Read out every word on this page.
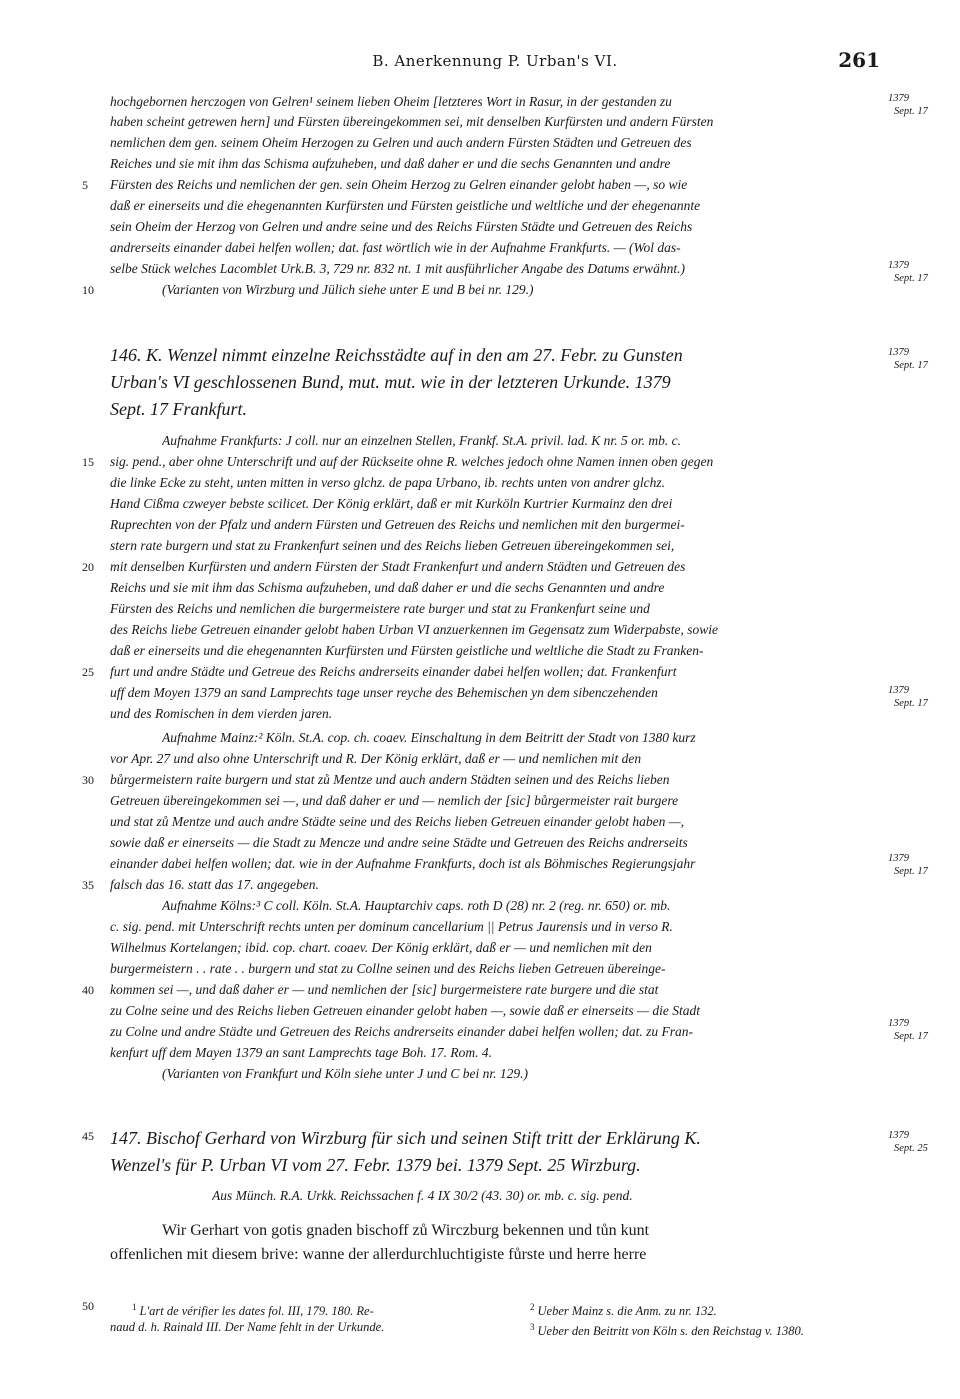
B. Anerkennung P. Urban's VI.	261
hochgebornen herczogen von Gelren¹ seinem lieben Oheim [letzteres Wort in Rasur, in der gestanden zu
haben scheint getrewen hern] und Fürsten übereingekommen sei, mit denselben Kurfürsten und andern Fürsten
nemlichen dem gen. seinem Oheim Herzogen zu Gelren und auch andern Fürsten Städten und Getreuen des
Reiches und sie mit ihm das Schisma aufzuheben, und daß daher er und die sechs Genannten und andre
Fürsten des Reichs und nemlichen der gen. sein Oheim Herzog zu Gelren einander gelobt haben —, so wie
daß er einerseits und die ehegenannten Kurfürsten und Fürsten geistliche und weltliche und der ehegenannte
sein Oheim der Herzog von Gelren und andre seine und des Reichs Fürsten Städte und Getreuen des Reichs
andrerseits einander dabei helfen wollen; dat. fast wörtlich wie in der Aufnahme Frankfurts. — (Wol das-
selbe Stück welches Lacomblet Urk.B. 3, 729 nr. 832 nt. 1 mit ausführlicher Angabe des Datums erwähnt.)
(Varianten von Wirzburg und Jülich siehe unter E und B bei nr. 129.)
146. K. Wenzel nimmt einzelne Reichsstädte auf in den am 27. Febr. zu Gunsten
Urban's VI geschlossenen Bund, mut. mut. wie in der letzteren Urkunde. 1379
Sept. 17 Frankfurt.
Aufnahme Frankfurts: J coll. nur an einzelnen Stellen, Frankf. St.A. privil. lad. K nr. 5 or. mb. c.
sig. pend., aber ohne Unterschrift und auf der Rückseite ohne R. welches jedoch ohne Namen innen oben gegen
die linke Ecke zu steht, unten mitten in verso glchz. de papa Urbano, ib. rechts unten von andrer glchz.
Hand Cißma czweyer bebste scilicet. Der König erklärt, daß er mit Kurköln Kurtrier Kurmainz den drei
Ruprechten von der Pfalz und andern Fürsten und Getreuen des Reichs und nemlichen mit den burgermei-
stern rate burgern und stat zu Frankenfurt seinen und des Reichs lieben Getreuen übereingekommen sei,
mit denselben Kurfürsten und andern Fürsten der Stadt Frankenfurt und andern Städten und Getreuen des
Reichs und sie mit ihm das Schisma aufzuheben, und daß daher er und die sechs Genannten und andre
Fürsten des Reichs und nemlichen die burgermeistere rate burger und stat zu Frankenfurt seine und
des Reichs liebe Getreuen einander gelobt haben Urban VI anzuerkennen im Gegensatz zum Widerpabste, sowie
daß er einerseits und die ehegenannten Kurfürsten und Fürsten geistliche und weltliche die Stadt zu Franken-
furt und andre Städte und Getreue des Reichs andrerseits einander dabei helfen wollen; dat. Frankenfurt
uff dem Moyen 1379 an sand Lamprechts tage unser reyche des Behemischen yn dem sibenczehenden
und des Romischen in dem vierden jaren.
Aufnahme Mainz:² Köln. St.A. cop. ch. coaev. Einschaltung in dem Beitritt der Stadt von 1380 kurz
vor Apr. 27 und also ohne Unterschrift und R. Der König erklärt, daß er — und nemlichen mit den
bůrgermeistern raite burgern und stat zů Mentze und auch andern Städten seinen und des Reichs lieben
Getreuen übereingekommen sei —, und daß daher er und — nemlich der [sic] bůrgermeister rait burgere
und stat zů Mentze und auch andre Städte seine und des Reichs lieben Getreuen einander gelobt haben —,
sowie daß er einerseits — die Stadt zu Mencze und andre seine Städte und Getreuen des Reichs andrerseits
einander dabei helfen wollen; dat. wie in der Aufnahme Frankfurts, doch ist als Böhmisches Regierungsjahr
falsch das 16. statt das 17. angegeben.
Aufnahme Kölns:³ C coll. Köln. St.A. Hauptarchiv caps. roth D (28) nr. 2 (reg. nr. 650) or. mb.
c. sig. pend. mit Unterschrift rechts unten per dominum cancellarium || Petrus Jaurensis und in verso R.
Wilhelmus Kortelangen; ibid. cop. chart. coaev. Der König erklärt, daß er — und nemlichen mit den
burgermeistern . . rate . . burgern und stat zu Collne seinen und des Reichs lieben Getreuen übereinge-
kommen sei —, und daß daher er — und nemlichen der [sic] burgermeistere rate burgere und die stat
zu Colne seine und des Reichs lieben Getreuen einander gelobt haben —, sowie daß er einerseits — die Stadt
zu Colne und andre Städte und Getreuen des Reichs andrerseits einander dabei helfen wollen; dat. zu Fran-
kenfurt uff dem Mayen 1379 an sant Lamprechts tage Boh. 17. Rom. 4.
(Varianten von Frankfurt und Köln siehe unter J und C bei nr. 129.)
147. Bischof Gerhard von Wirzburg für sich und seinen Stift tritt der Erklärung K.
Wenzel's für P. Urban VI vom 27. Febr. 1379 bei. 1379 Sept. 25 Wirzburg.
Aus Münch. R.A. Urkk. Reichssachen f. 4 IX 30/2 (43. 30) or. mb. c. sig. pend.
Wir Gerhart von gotis gnaden bischoff zů Wirczburg bekennen und tůn kunt
offenlichen mit diesem brive: wanne der allerdurchluchtigiste fůrste und herre herre
5
10
15
20
25
30
35
40
45
50
1379
Sept. 17
1379
Sept. 17
1379
Sept. 17
1379
Sept. 17
1379
Sept. 17
1379
Sept. 17
1379
Sept. 25
$^1$ L'art de vérifier les dates fol. III, 179. 180. Re-
naud d. h. Rainald III. Der Name fehlt in der Urkunde.
$^2$ Ueber Mainz s. die Anm. zu nr. 132.
$^3$ Ueber den Beitritt von Köln s. den Reichstag v. 1380.
